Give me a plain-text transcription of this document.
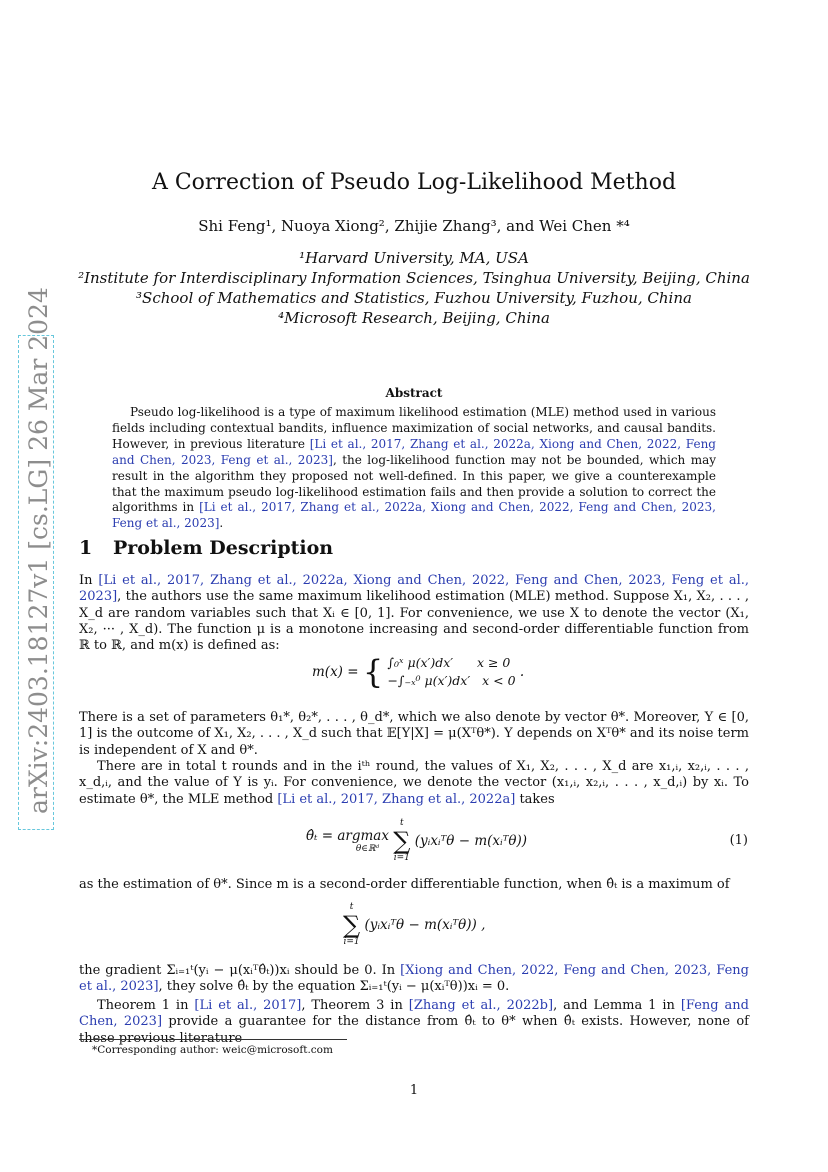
arXiv:2403.18127v1 [cs.LG] 26 Mar 2024
A Correction of Pseudo Log-Likelihood Method
Shi Feng¹, Nuoya Xiong², Zhijie Zhang³, and Wei Chen *⁴
¹Harvard University, MA, USA
²Institute for Interdisciplinary Information Sciences, Tsinghua University, Beijing, China
³School of Mathematics and Statistics, Fuzhou University, Fuzhou, China
⁴Microsoft Research, Beijing, China
Abstract

Pseudo log-likelihood is a type of maximum likelihood estimation (MLE) method used in various fields including contextual bandits, influence maximization of social networks, and causal bandits. However, in previous literature [Li et al., 2017, Zhang et al., 2022a, Xiong and Chen, 2022, Feng and Chen, 2023, Feng et al., 2023], the log-likelihood function may not be bounded, which may result in the algorithm they proposed not well-defined. In this paper, we give a counterexample that the maximum pseudo log-likelihood estimation fails and then provide a solution to correct the algorithms in [Li et al., 2017, Zhang et al., 2022a, Xiong and Chen, 2022, Feng and Chen, 2023, Feng et al., 2023].

1 Problem Description

In [Li et al., 2017, Zhang et al., 2022a, Xiong and Chen, 2022, Feng and Chen, 2023, Feng et al., 2023], the authors use the same maximum likelihood estimation (MLE) method. Suppose X₁, X₂, . . . , X_d are random variables such that Xᵢ ∈ [0, 1]. For convenience, we use X to denote the vector (X₁, X₂, ··· , X_d). The function μ is a monotone increasing and second-order differentiable function from ℝ to ℝ, and m(x) is defined as:

m(x) = { ∫₀ˣ μ(x′)dx′      x ≥ 0
−∫₋ₓ⁰ μ(x′)dx′   x < 0
.

There is a set of parameters θ₁*, θ₂*, . . . , θ_d*, which we also denote by vector θ*. Moreover, Y ∈ [0, 1] is the outcome of X₁, X₂, . . . , X_d such that 𝔼[Y|X] = μ(Xᵀθ*). Y depends on Xᵀθ* and its noise term is independent of X and θ*.

There are in total t rounds and in the iᵗʰ round, the values of X₁, X₂, . . . , X_d are x₁,ᵢ, x₂,ᵢ, . . . , x_d,ᵢ, and the value of Y is yᵢ. For convenience, we denote the vector (x₁,ᵢ, x₂,ᵢ, . . . , x_d,ᵢ) by xᵢ. To estimate θ*, the MLE method [Li et al., 2017, Zhang et al., 2022a] takes

θ̂ₜ = argmax
θ∈ℝᵈ

t
∑
i=1
(yᵢxᵢᵀθ − m(xᵢᵀθ))	(1)

as the estimation of θ*. Since m is a second-order differentiable function, when θ̂ₜ is a maximum of

t
∑
i=1
(yᵢxᵢᵀθ − m(xᵢᵀθ)) ,

the gradient Σᵢ₌₁ᵗ(yᵢ − μ(xᵢᵀθ̂ₜ))xᵢ should be 0. In [Xiong and Chen, 2022, Feng and Chen, 2023, Feng et al., 2023], they solve θ̂ₜ by the equation Σᵢ₌₁ᵗ(yᵢ − μ(xᵢᵀθ))xᵢ = 0.

Theorem 1 in [Li et al., 2017], Theorem 3 in [Zhang et al., 2022b], and Lemma 1 in [Feng and Chen, 2023] provide a guarantee for the distance from θ̂ₜ to θ* when θ̂ₜ exists. However, none of these previous literature

*Corresponding author: weic@microsoft.com
1
